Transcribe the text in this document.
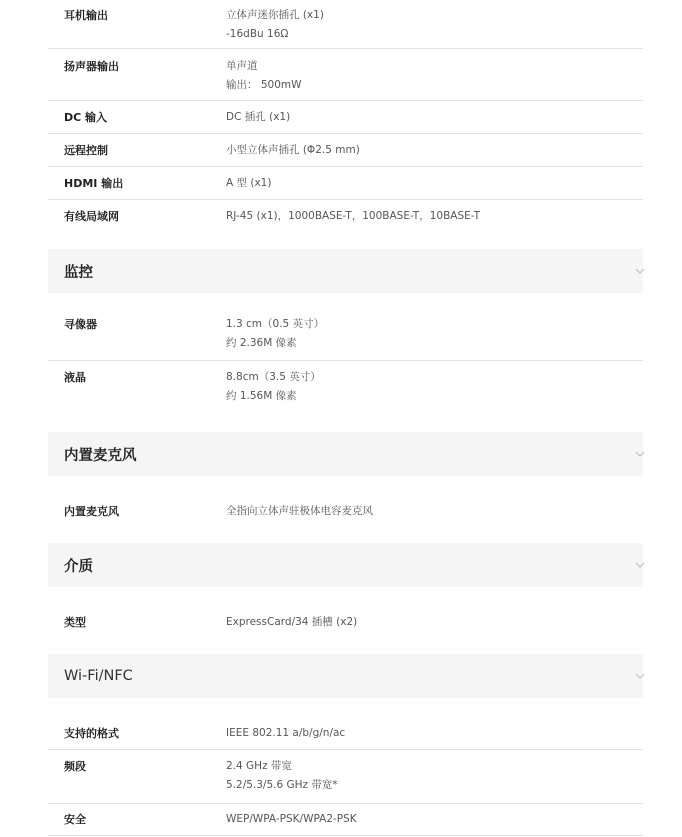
耳机输出	立体声迷你插孔 (x1)
-16dBu 16Ω
扬声器输出	单声道
输出： 500mW
DC 输入	DC 插孔 (x1)
远程控制	小型立体声插孔 (Φ2.5 mm)
HDMI 输出	A 型 (x1)
有线局域网	RJ-45 (x1)，1000BASE-T，100BASE-T，10BASE-T
监控
寻像器	1.3 cm（0.5 英寸）
约 2.36M 像素
液晶	8.8cm（3.5 英寸）
约 1.56M 像素
内置麦克风
内置麦克风	全指向立体声驻极体电容麦克风
介质
类型	ExpressCard/34 插槽 (x2)
Wi-Fi/NFC
支持的格式	IEEE 802.11 a/b/g/n/ac
频段	2.4 GHz 带宽
5.2/5.3/5.6 GHz 带宽*
安全	WEP/WPA-PSK/WPA2-PSK
